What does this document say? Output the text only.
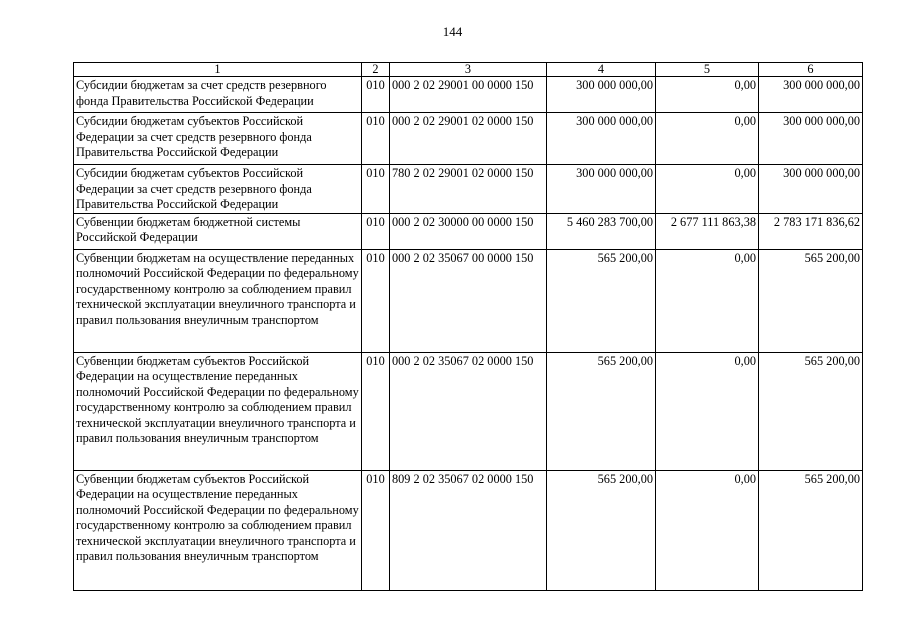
144
1	2	3	4	5	6
Субсидии бюджетам за счет средств резервного фонда Правительства Российской Федерации	010	000 2 02 29001 00 0000 150	300 000 000,00	0,00	300 000 000,00
Субсидии бюджетам субъектов Российской Федерации за счет средств резервного фонда Правительства Российской Федерации	010	000 2 02 29001 02 0000 150	300 000 000,00	0,00	300 000 000,00
Субсидии бюджетам субъектов Российской Федерации за счет средств резервного фонда Правительства Российской Федерации	010	780 2 02 29001 02 0000 150	300 000 000,00	0,00	300 000 000,00
Субвенции бюджетам бюджетной системы Российской Федерации	010	000 2 02 30000 00 0000 150	5 460 283 700,00	2 677 111 863,38	2 783 171 836,62
Субвенции бюджетам на осуществление переданных полномочий Российской Федерации по федеральному государственному контролю за соблюдением правил технической эксплуатации внеуличного транспорта и правил пользования внеуличным транспортом	010	000 2 02 35067 00 0000 150	565 200,00	0,00	565 200,00
Субвенции бюджетам субъектов Российской Федерации на осуществление переданных полномочий Российской Федерации по федеральному государственному контролю за соблюдением правил технической эксплуатации внеуличного транспорта и правил пользования внеуличным транспортом	010	000 2 02 35067 02 0000 150	565 200,00	0,00	565 200,00
Субвенции бюджетам субъектов Российской Федерации на осуществление переданных полномочий Российской Федерации по федеральному государственному контролю за соблюдением правил технической эксплуатации внеуличного транспорта и правил пользования внеуличным транспортом	010	809 2 02 35067 02 0000 150	565 200,00	0,00	565 200,00
